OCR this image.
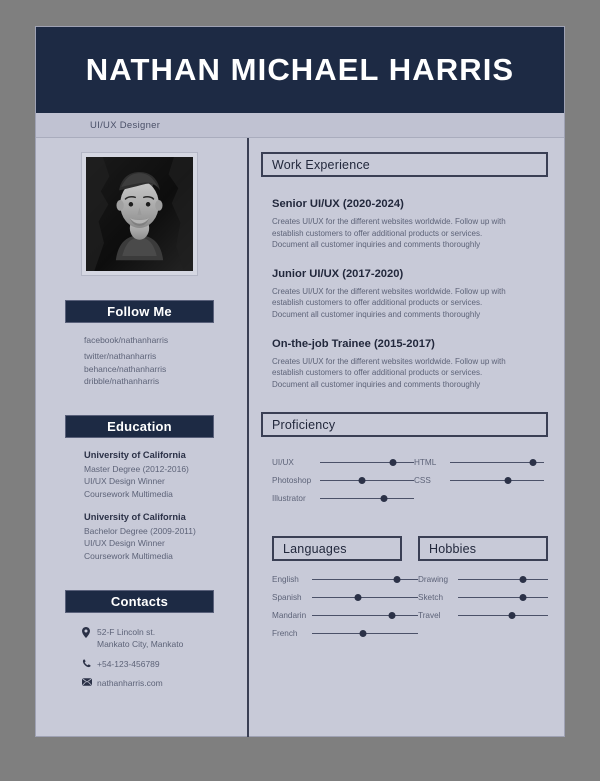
NATHAN MICHAEL HARRIS
UI/UX Designer
Follow Me
facebook/nathanharris
twitter/nathanharris
behance/nathanharris
dribble/nathanharris
Education
University of California
Master Degree (2012-2016)
UI/UX Design Winner
Coursework Multimedia
University of California
Bachelor Degree (2009-2011)
UI/UX Design Winner
Coursework Multimedia
Contacts
52-F Lincoln st.
Mankato City, Mankato
+54-123-456789
nathanharris.com
Work Experience
Senior UI/UX (2020-2024)
Creates UI/UX for the different websites worldwide. Follow up with establish customers to offer additional products or services. Document all customer inquiries and comments thoroughly
Junior UI/UX (2017-2020)
Creates UI/UX for the different websites worldwide. Follow up with establish customers to offer additional products or services. Document all customer inquiries and comments thoroughly
On-the-job Trainee (2015-2017)
Creates UI/UX for the different websites worldwide. Follow up with establish customers to offer additional products or services. Document all customer inquiries and comments thoroughly
Proficiency
UI/UX
Photoshop
Illustrator
HTML
CSS
Languages	Hobbies
English
Spanish
Mandarin
French
Drawing
Sketch
Travel
